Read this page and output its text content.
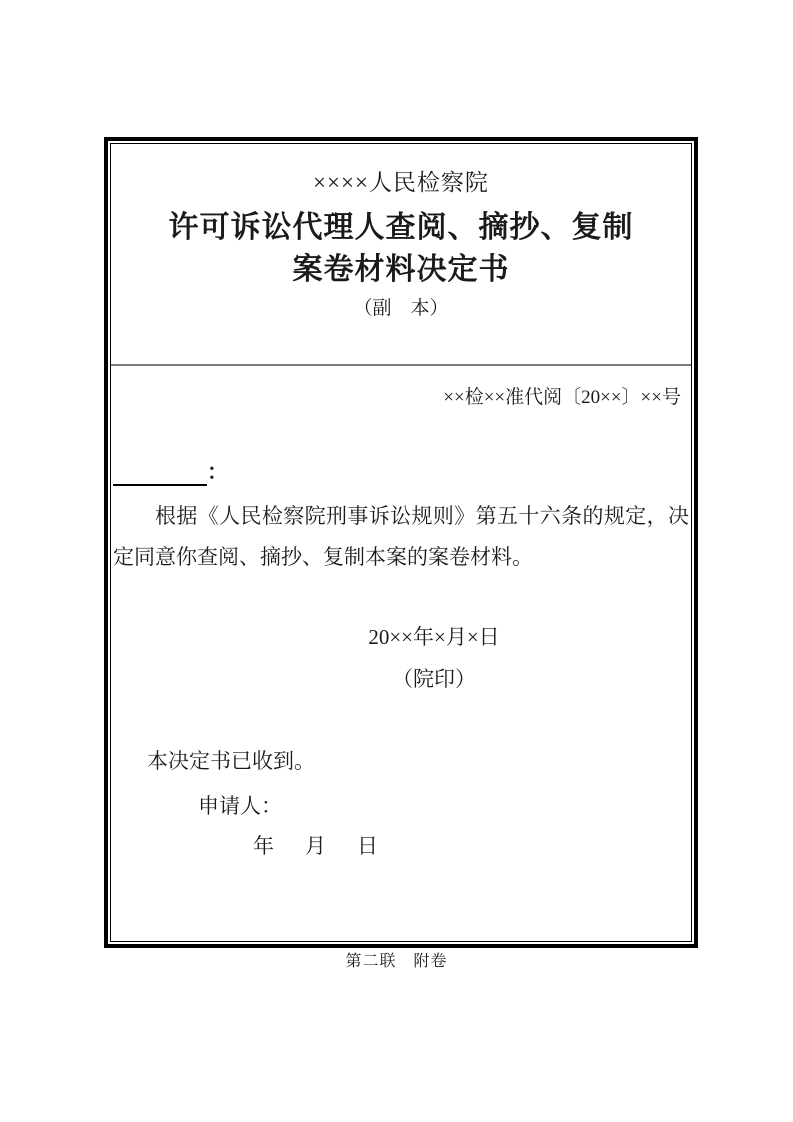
××××人民检察院
许可诉讼代理人查阅、摘抄、复制
案卷材料决定书
（副　本）
××检××准代阅〔20××〕××号
：
根据《人民检察院刑事诉讼规则》第五十六条的规定，决
定同意你查阅、摘抄、复制本案的案卷材料。
20××年×月×日
（院印）
本决定书已收到。
申请人：
年　月　日
第二联　附卷
